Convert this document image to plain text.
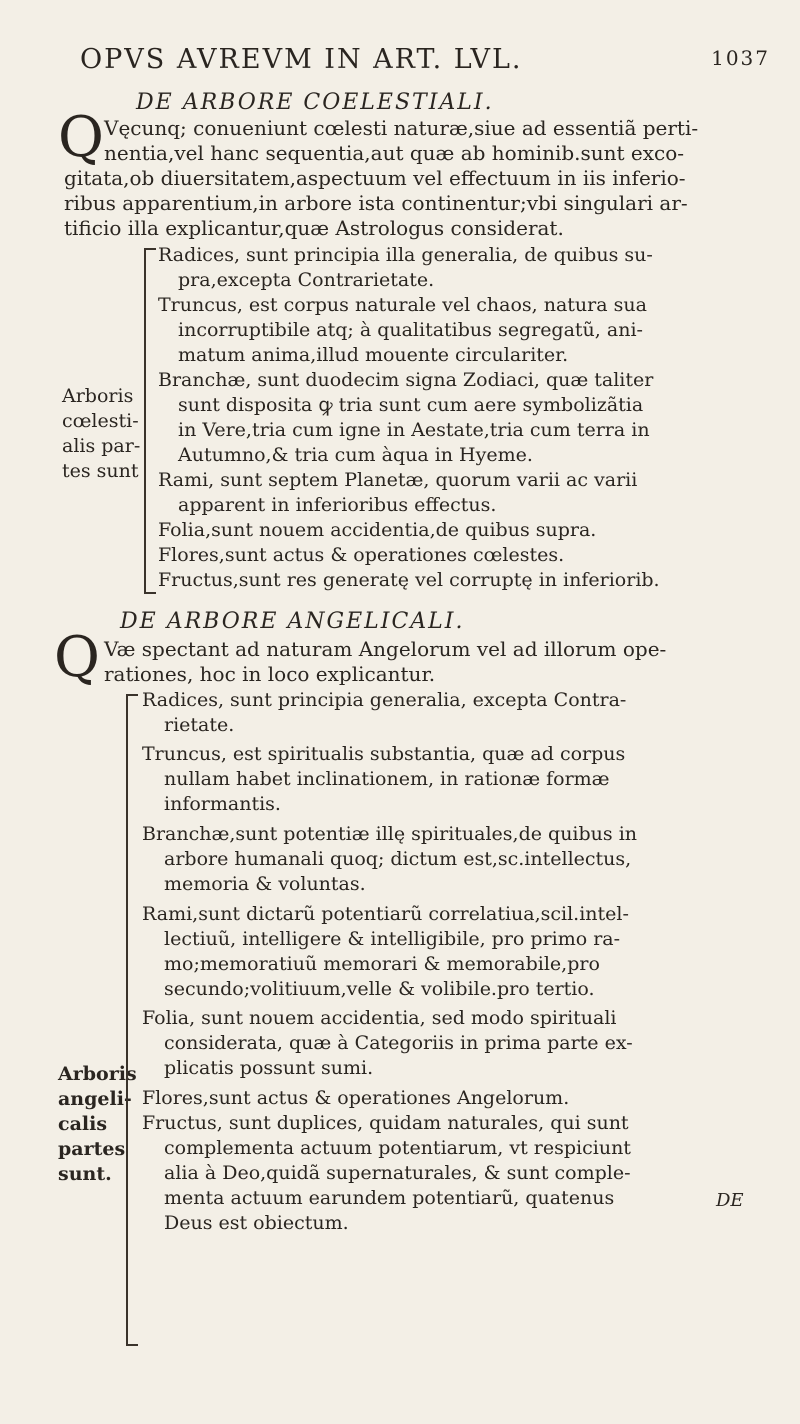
OPVS AVREVM IN ART. LVL.	1037
DE ARBORE COELESTIALI.
Q Vęcunq; conueniunt cœlesti naturæ,siue ad essentiã perti-
nentia,vel hanc sequentia,aut quæ ab hominib.sunt exco-
gitata,ob diuersitatem,aspectuum vel effectuum in iis inferio-
ribus apparentium,in arbore ista continentur;vbi singulari ar-
tificio illa explicantur,quæ Astrologus considerat.
Arboris
cœlesti-
alis par-
tes sunt
Radices, sunt principia illa generalia, de quibus su-
pra,excepta Contrarietate.
Truncus, est corpus naturale vel chaos, natura sua
incorruptibile atq; à qualitatibus segregatũ, ani-
matum anima,illud mouente circulariter.
Branchæ, sunt duodecim signa Zodiaci, quæ taliter
sunt disposita ꝙ tria sunt cum aere symbolizãtia
in Vere,tria cum igne in Aestate,tria cum terra in
Autumno,& tria cum àqua in Hyeme.
Rami, sunt septem Planetæ, quorum varii ac varii
apparent in inferioribus effectus.
Folia,sunt nouem accidentia,de quibus supra.
Flores,sunt actus & operationes cœlestes.
Fructus,sunt res generatę vel corruptę in inferiorib.
DE ARBORE ANGELICALI.
Q Væ spectant ad naturam Angelorum vel ad illorum ope-
rationes, hoc in loco explicantur.
Arboris
angeli-
calis
partes
sunt.
Radices, sunt principia generalia, excepta Contra-
rietate.
Truncus, est spiritualis substantia, quæ ad corpus
nullam habet inclinationem, in rationæ formæ
informantis.
Branchæ,sunt potentiæ illę spirituales,de quibus in
arbore humanali quoq; dictum est,sc.intellectus,
memoria & voluntas.
Rami,sunt dictarũ potentiarũ correlatiua,scil.intel-
lectiuũ, intelligere & intelligibile, pro primo ra-
mo;memoratiuũ memorari & memorabile,pro
secundo;volitiuum,velle & volibile.pro tertio.
Folia, sunt nouem accidentia, sed modo spirituali
considerata, quæ à Categoriis in prima parte ex-
plicatis possunt sumi.
Flores,sunt actus & operationes Angelorum.
Fructus, sunt duplices, quidam naturales, qui sunt
complementa actuum potentiarum, vt respiciunt
alia à Deo,quidã supernaturales, & sunt comple-
menta actuum earundem potentiarũ, quatenus
Deus est obiectum.
DE
